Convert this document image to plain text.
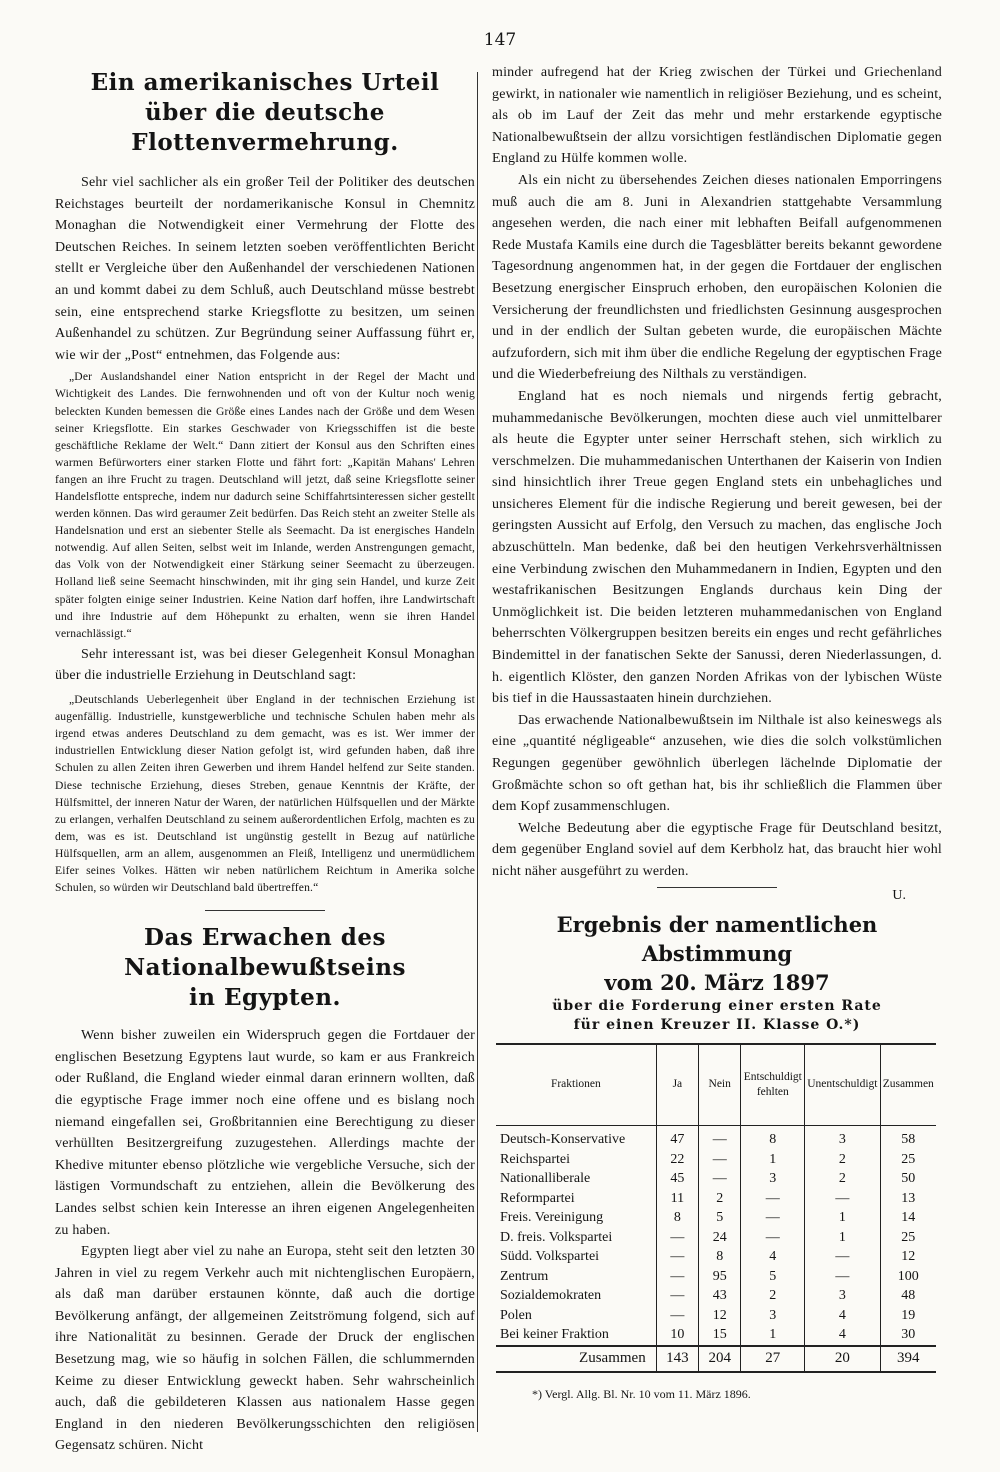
147
Ein amerikanisches Urteil
über die deutsche Flottenvermehrung.

Sehr viel sachlicher als ein großer Teil der Politiker des deutschen Reichstages beurteilt der nordamerikanische Konsul in Chemnitz Monaghan die Notwendigkeit einer Vermehrung der Flotte des Deutschen Reiches. In seinem letzten soeben veröffentlichten Bericht stellt er Vergleiche über den Außenhandel der verschiedenen Nationen an und kommt dabei zu dem Schluß, auch Deutschland müsse bestrebt sein, eine entsprechend starke Kriegsflotte zu besitzen, um seinen Außenhandel zu schützen. Zur Begründung seiner Auffassung führt er, wie wir der „Post“ entnehmen, das Folgende aus:

„Der Auslandshandel einer Nation entspricht in der Regel der Macht und Wichtigkeit des Landes. Die fernwohnenden und oft von der Kultur noch wenig beleckten Kunden bemessen die Größe eines Landes nach der Größe und dem Wesen seiner Kriegsflotte. Ein starkes Geschwader von Kriegsschiffen ist die beste geschäftliche Reklame der Welt.“ Dann zitiert der Konsul aus den Schriften eines warmen Befürworters einer starken Flotte und fährt fort: „Kapitän Mahans' Lehren fangen an ihre Frucht zu tragen. Deutschland will jetzt, daß seine Kriegsflotte seiner Handelsflotte entspreche, indem nur dadurch seine Schiffahrtsinteressen sicher gestellt werden können. Das wird geraumer Zeit bedürfen. Das Reich steht an zweiter Stelle als Handelsnation und erst an siebenter Stelle als Seemacht. Da ist energisches Handeln notwendig. Auf allen Seiten, selbst weit im Inlande, werden Anstrengungen gemacht, das Volk von der Notwendigkeit einer Stärkung seiner Seemacht zu überzeugen. Holland ließ seine Seemacht hinschwinden, mit ihr ging sein Handel, und kurze Zeit später folgten einige seiner Industrien. Keine Nation darf hoffen, ihre Landwirtschaft und ihre Industrie auf dem Höhepunkt zu erhalten, wenn sie ihren Handel vernachlässigt.“

Sehr interessant ist, was bei dieser Gelegenheit Konsul Monaghan über die industrielle Erziehung in Deutschland sagt:

„Deutschlands Ueberlegenheit über England in der technischen Erziehung ist augenfällig. Industrielle, kunstgewerbliche und technische Schulen haben mehr als irgend etwas anderes Deutschland zu dem gemacht, was es ist. Wer immer der industriellen Entwicklung dieser Nation gefolgt ist, wird gefunden haben, daß ihre Schulen zu allen Zeiten ihren Gewerben und ihrem Handel helfend zur Seite standen. Diese technische Erziehung, dieses Streben, genaue Kenntnis der Kräfte, der Hülfsmittel, der inneren Natur der Waren, der natürlichen Hülfsquellen und der Märkte zu erlangen, verhalfen Deutschland zu seinem außerordentlichen Erfolg, machten es zu dem, was es ist. Deutschland ist ungünstig gestellt in Bezug auf natürliche Hülfsquellen, arm an allem, ausgenommen an Fleiß, Intelligenz und unermüdlichem Eifer seines Volkes. Hätten wir neben natürlichem Reichtum in Amerika solche Schulen, so würden wir Deutschland bald übertreffen.“

Das Erwachen des Nationalbewußtseins
in Egypten.

Wenn bisher zuweilen ein Widerspruch gegen die Fortdauer der englischen Besetzung Egyptens laut wurde, so kam er aus Frankreich oder Rußland, die England wieder einmal daran erinnern wollten, daß die egyptische Frage immer noch eine offene und es bislang noch niemand eingefallen sei, Großbritannien eine Berechtigung zu dieser verhüllten Besitzergreifung zuzugestehen. Allerdings machte der Khedive mitunter ebenso plötzliche wie vergebliche Versuche, sich der lästigen Vormundschaft zu entziehen, allein die Bevölkerung des Landes selbst schien kein Interesse an ihren eigenen Angelegenheiten zu haben.

Egypten liegt aber viel zu nahe an Europa, steht seit den letzten 30 Jahren in viel zu regem Verkehr auch mit nichtenglischen Europäern, als daß man darüber erstaunen könnte, daß auch die dortige Bevölkerung anfängt, der allgemeinen Zeitströmung folgend, sich auf ihre Nationalität zu besinnen. Gerade der Druck der englischen Besetzung mag, wie so häufig in solchen Fällen, die schlummernden Keime zu dieser Entwicklung geweckt haben. Sehr wahrscheinlich auch, daß die gebildeteren Klassen aus nationalem Hasse gegen England in den niederen Bevölkerungsschichten den religiösen Gegensatz schüren. Nicht

minder aufregend hat der Krieg zwischen der Türkei und Griechenland gewirkt, in nationaler wie namentlich in religiöser Beziehung, und es scheint, als ob im Lauf der Zeit das mehr und mehr erstarkende egyptische Nationalbewußtsein der allzu vorsichtigen festländischen Diplomatie gegen England zu Hülfe kommen wolle.

Als ein nicht zu übersehendes Zeichen dieses nationalen Emporringens muß auch die am 8. Juni in Alexandrien stattgehabte Versammlung angesehen werden, die nach einer mit lebhaften Beifall aufgenommenen Rede Mustafa Kamils eine durch die Tagesblätter bereits bekannt gewordene Tagesordnung angenommen hat, in der gegen die Fortdauer der englischen Besetzung energischer Einspruch erhoben, den europäischen Kolonien die Versicherung der freundlichsten und friedlichsten Gesinnung ausgesprochen und in der endlich der Sultan gebeten wurde, die europäischen Mächte aufzufordern, sich mit ihm über die endliche Regelung der egyptischen Frage und die Wiederbefreiung des Nilthals zu verständigen.

England hat es noch niemals und nirgends fertig gebracht, muhammedanische Bevölkerungen, mochten diese auch viel unmittelbarer als heute die Egypter unter seiner Herrschaft stehen, sich wirklich zu verschmelzen. Die muhammedanischen Unterthanen der Kaiserin von Indien sind hinsichtlich ihrer Treue gegen England stets ein unbehagliches und unsicheres Element für die indische Regierung und bereit gewesen, bei der geringsten Aussicht auf Erfolg, den Versuch zu machen, das englische Joch abzuschütteln. Man bedenke, daß bei den heutigen Verkehrsverhältnissen eine Verbindung zwischen den Muhammedanern in Indien, Egypten und den westafrikanischen Besitzungen Englands durchaus kein Ding der Unmöglichkeit ist. Die beiden letzteren muhammedanischen von England beherrschten Völkergruppen besitzen bereits ein enges und recht gefährliches Bindemittel in der fanatischen Sekte der Sanussi, deren Niederlassungen, d. h. eigentlich Klöster, den ganzen Norden Afrikas von der lybischen Wüste bis tief in die Haussastaaten hinein durchziehen.

Das erwachende Nationalbewußtsein im Nilthale ist also keineswegs als eine „quantité négligeable“ anzusehen, wie dies die solch volkstümlichen Regungen gegenüber gewöhnlich überlegen lächelnde Diplomatie der Großmächte schon so oft gethan hat, bis ihr schließlich die Flammen über dem Kopf zusammenschlugen.

Welche Bedeutung aber die egyptische Frage für Deutschland besitzt, dem gegenüber England soviel auf dem Kerbholz hat, das braucht hier wohl nicht näher ausgeführt zu werden.

U.
Ergebnis der namentlichen Abstimmung
vom 20. März 1897
über die Forderung einer ersten Rate
für einen Kreuzer II. Klasse O.*)
Fraktionen	Ja	Nein	Entschuldigt fehlten	Unentschuldigt	Zusammen
Deutsch-Konservative	47	—	8	3	58
Reichspartei	22	—	1	2	25
Nationalliberale	45	—	3	2	50
Reformpartei	11	2	—	—	13
Freis. Vereinigung	8	5	—	1	14
D. freis. Volkspartei	—	24	—	1	25
Südd. Volkspartei	—	8	4	—	12
Zentrum	—	95	5	—	100
Sozialdemokraten	—	43	2	3	48
Polen	—	12	3	4	19
Bei keiner Fraktion	10	15	1	4	30
Zusammen	143	204	27	20	394
*) Vergl. Allg. Bl. Nr. 10 vom 11. März 1896.
